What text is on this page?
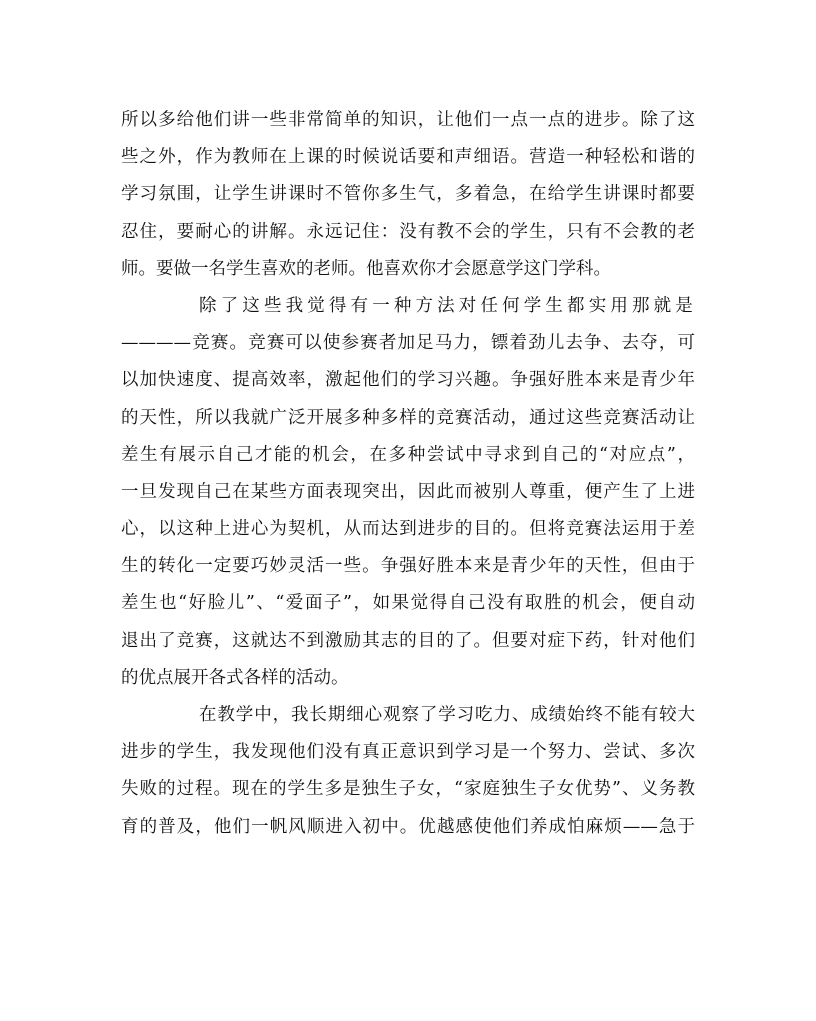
所以多给他们讲一些非常简单的知识，让他们一点一点的进步。除了这
些之外，作为教师在上课的时候说话要和声细语。营造一种轻松和谐的
学习氛围，让学生讲课时不管你多生气，多着急，在给学生讲课时都要
忍住，要耐心的讲解。永远记住：没有教不会的学生，只有不会教的老
师。要做一名学生喜欢的老师。他喜欢你才会愿意学这门学科。
除了这些我觉得有一种方法对任何学生都实用那就是
————竞赛。竞赛可以使参赛者加足马力，镖着劲儿去争、去夺，可
以加快速度、提高效率，激起他们的学习兴趣。争强好胜本来是青少年
的天性，所以我就广泛开展多种多样的竞赛活动，通过这些竞赛活动让
差生有展示自己才能的机会，在多种尝试中寻求到自己的“对应点”，
一旦发现自己在某些方面表现突出，因此而被别人尊重，便产生了上进
心，以这种上进心为契机，从而达到进步的目的。但将竞赛法运用于差
生的转化一定要巧妙灵活一些。争强好胜本来是青少年的天性，但由于
差生也“好脸儿”、“爱面子”，如果觉得自己没有取胜的机会，便自动
退出了竞赛，这就达不到激励其志的目的了。但要对症下药，针对他们
的优点展开各式各样的活动。
在教学中，我长期细心观察了学习吃力、成绩始终不能有较大
进步的学生，我发现他们没有真正意识到学习是一个努力、尝试、多次
失败的过程。现在的学生多是独生子女，“家庭独生子女优势”、义务教
育的普及，他们一帆风顺进入初中。优越感使他们养成怕麻烦——急于
